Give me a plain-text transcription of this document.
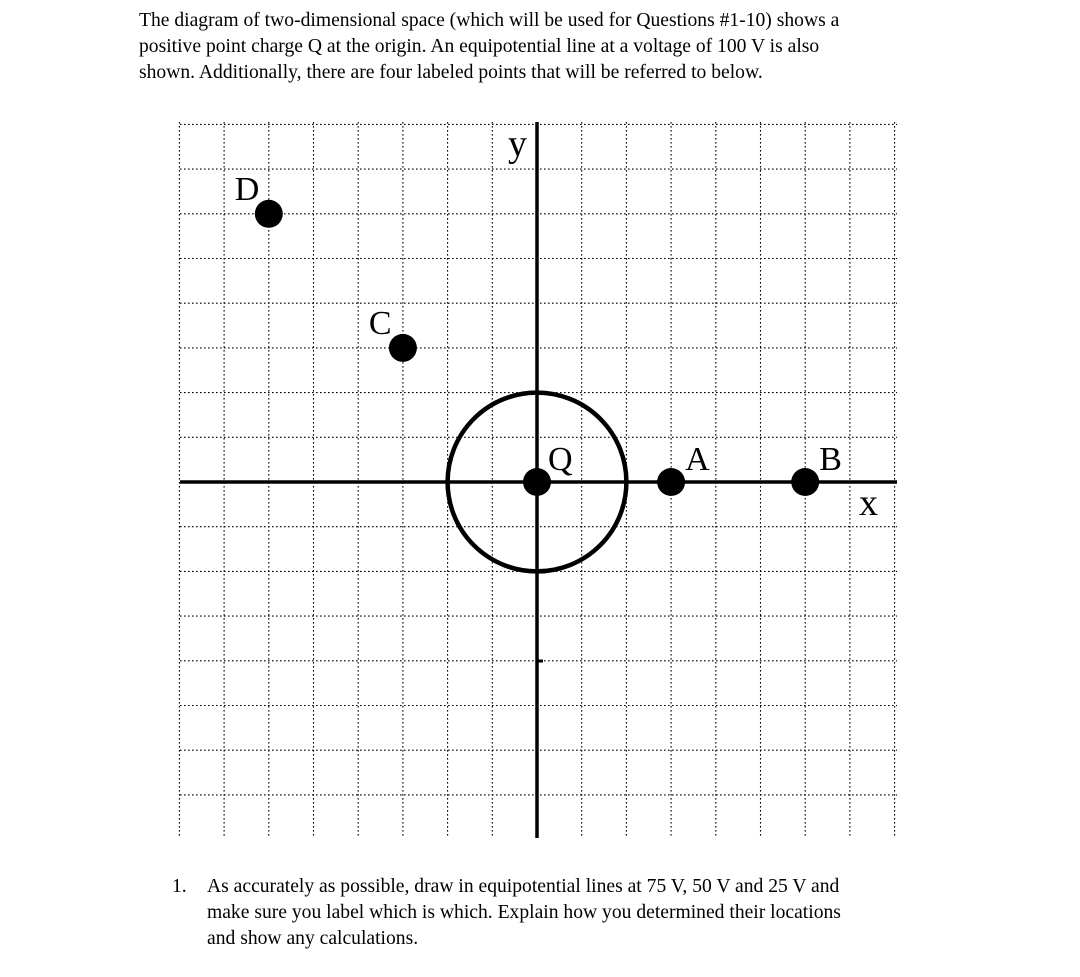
The diagram of two-dimensional space (which will be used for Questions #1-10) shows a
positive point charge Q at the origin. An equipotential line at a voltage of 100 V is also
shown. Additionally, there are four labeled points that will be referred to below.
Q	A	B
C
D
y
x
1. As accurately as possible, draw in equipotential lines at 75 V, 50 V and 25 V and
make sure you label which is which. Explain how you determined their locations
and show any calculations.
